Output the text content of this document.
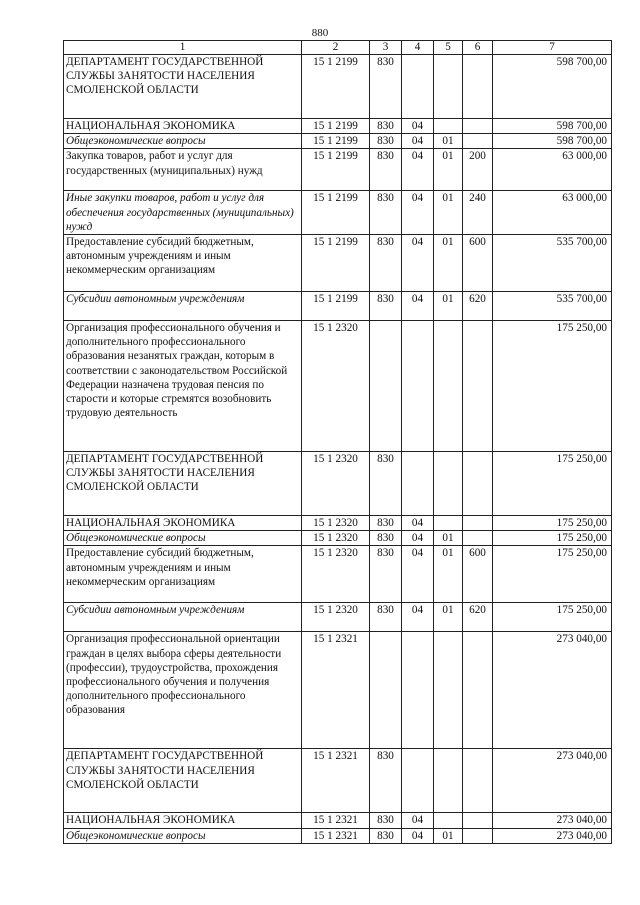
880
1	2	3	4	5	6	7
ДЕПАРТАМЕНТ ГОСУДАРСТВЕННОЙ СЛУЖБЫ ЗАНЯТОСТИ НАСЕЛЕНИЯ СМОЛЕНСКОЙ ОБЛАСТИ	15 1 2199	830				598 700,00
НАЦИОНАЛЬНАЯ ЭКОНОМИКА	15 1 2199	830	04			598 700,00
Общеэкономические вопросы	15 1 2199	830	04	01		598 700,00
Закупка товаров, работ и услуг для государственных (муниципальных) нужд	15 1 2199	830	04	01	200	63 000,00
Иные закупки товаров, работ и услуг для обеспечения государственных (муниципальных) нужд	15 1 2199	830	04	01	240	63 000,00
Предоставление субсидий бюджетным, автономным учреждениям и иным некоммерческим организациям	15 1 2199	830	04	01	600	535 700,00
Субсидии автономным учреждениям	15 1 2199	830	04	01	620	535 700,00
Организация профессионального обучения и дополнительного профессионального образования незанятых граждан, которым в соответствии с законодательством Российской Федерации назначена трудовая пенсия по старости и которые стремятся возобновить трудовую деятельность	15 1 2320					175 250,00
ДЕПАРТАМЕНТ ГОСУДАРСТВЕННОЙ СЛУЖБЫ ЗАНЯТОСТИ НАСЕЛЕНИЯ СМОЛЕНСКОЙ ОБЛАСТИ	15 1 2320	830				175 250,00
НАЦИОНАЛЬНАЯ ЭКОНОМИКА	15 1 2320	830	04			175 250,00
Общеэкономические вопросы	15 1 2320	830	04	01		175 250,00
Предоставление субсидий бюджетным, автономным учреждениям и иным некоммерческим организациям	15 1 2320	830	04	01	600	175 250,00
Субсидии автономным учреждениям	15 1 2320	830	04	01	620	175 250,00
Организация профессиональной ориентации граждан в целях выбора сферы деятельности (профессии), трудоустройства, прохождения профессионального обучения и получения дополнительного профессионального образования	15 1 2321					273 040,00
ДЕПАРТАМЕНТ ГОСУДАРСТВЕННОЙ СЛУЖБЫ ЗАНЯТОСТИ НАСЕЛЕНИЯ СМОЛЕНСКОЙ ОБЛАСТИ	15 1 2321	830				273 040,00
НАЦИОНАЛЬНАЯ ЭКОНОМИКА	15 1 2321	830	04			273 040,00
Общеэкономические вопросы	15 1 2321	830	04	01		273 040,00
